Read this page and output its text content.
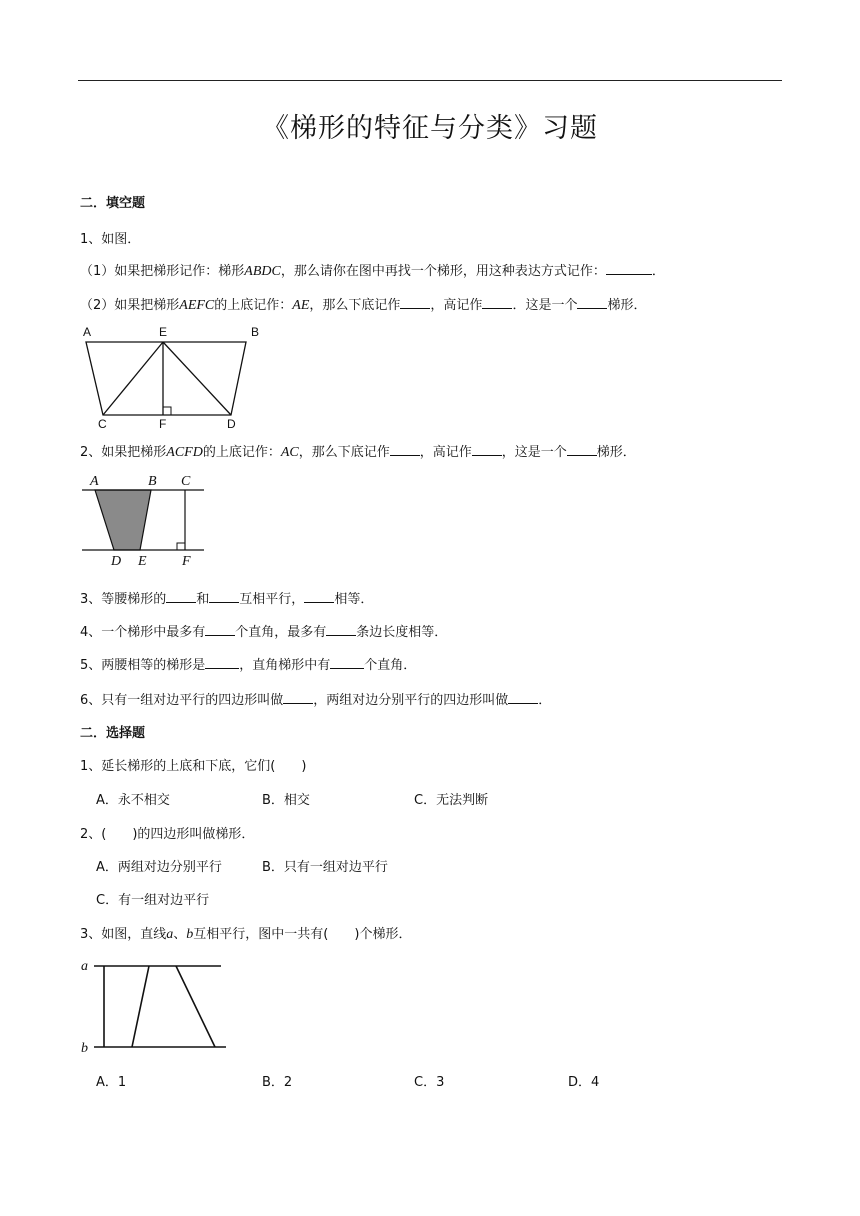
《梯形的特征与分类》习题
二．填空题
1、如图．
（1）如果把梯形记作：梯形ABDC，那么请你在图中再找一个梯形，用这种表达方式记作：	．
（2）如果把梯形AEFC的上底记作：AE，那么下底记作 ，高记作 ．这是一个 梯形．
A	E	B
C	F	D
2、如果把梯形ACFD的上底记作：AC，那么下底记作 ，高记作 ，这是一个 梯形．
A	B C
D E	F
3、等腰梯形的 和 互相平行， 相等．
4、一个梯形中最多有 个直角，最多有 条边长度相等．
5、两腰相等的梯形是	，直角梯形中有	个直角．
6、只有一组对边平行的四边形叫做 ，两组对边分别平行的四边形叫做 ．
二．选择题
1、延长梯形的上底和下底，它们(　　)
A．永不相交	B．相交	C．无法判断
2、(　　)的四边形叫做梯形．
A．两组对边分别平行	B．只有一组对边平行
C．有一组对边平行
3、如图，直线a、b互相平行，图中一共有(　　)个梯形．
a
b
A．1	B．2	C．3	D．4
